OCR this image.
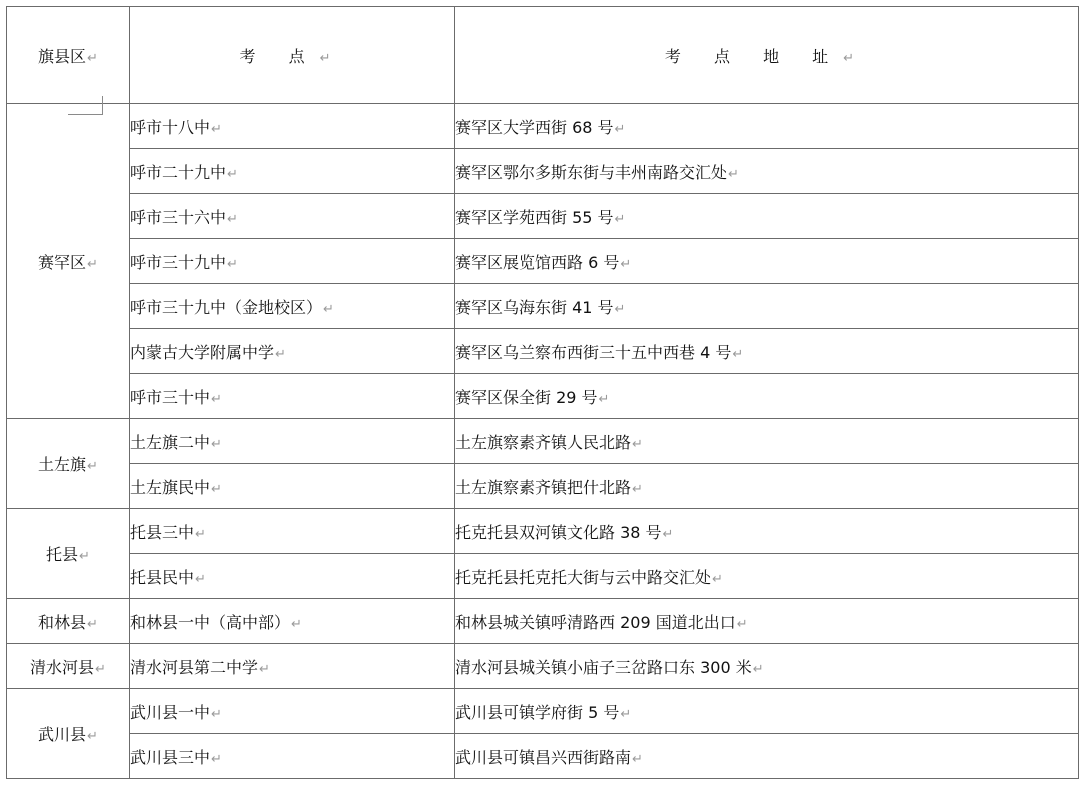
旗县区↵	考 点↵	考 点 地 址↵
赛罕区↵	呼市十八中↵	赛罕区大学西街 68 号↵
	呼市二十九中↵	赛罕区鄂尔多斯东街与丰州南路交汇处↵
	呼市三十六中↵	赛罕区学苑西街 55 号↵
	呼市三十九中↵	赛罕区展览馆西路 6 号↵
	呼市三十九中（金地校区）↵	赛罕区乌海东街 41 号↵
	内蒙古大学附属中学↵	赛罕区乌兰察布西街三十五中西巷 4 号↵
	呼市三十中↵	赛罕区保全街 29 号↵
土左旗↵	土左旗二中↵	土左旗察素齐镇人民北路↵
	土左旗民中↵	土左旗察素齐镇把什北路↵
托县↵	托县三中↵	托克托县双河镇文化路 38 号↵
	托县民中↵	托克托县托克托大街与云中路交汇处↵
和林县↵	和林县一中（高中部）↵	和林县城关镇呼清路西 209 国道北出口↵
清水河县↵	清水河县第二中学↵	清水河县城关镇小庙子三岔路口东 300 米↵
武川县↵	武川县一中↵	武川县可镇学府街 5 号↵
	武川县三中↵	武川县可镇昌兴西街路南↵
